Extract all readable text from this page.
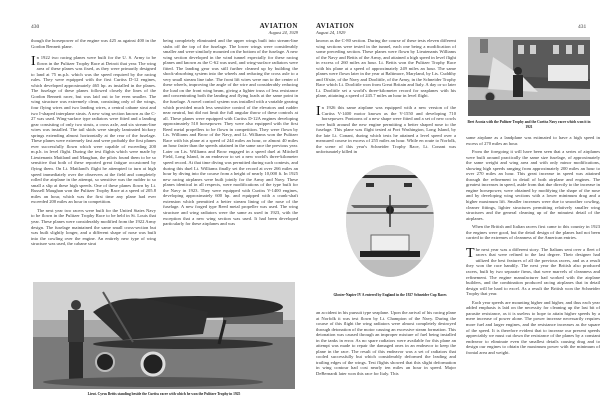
430	AVIATION
August 24, 1929

though the horsepower of the engine was 425 as against 400 in the Gordon Bennett plane.

In 1922 two racing planes were built for the U. S. Army to be flown in the Pulitzer Trophy Race at Detroit that year. The wing area of these planes was fixed, as they were primarily designed to land at 75 m.p.h. which was the speed required by the racing rules. They were equipped with the first Curtiss D-12 engines, which developed approximately 465 hp. as installed in the planes. The fuselage of these planes followed closely the lines of the Gordon Bennett racer, but was laid out to be even smaller. The wing structure was extremely clean, consisting only of the wings, four flying wires and two landing wires, a central cabane strut and two I-shaped interplane struts. A new wing section known as the C-27 was used. Wing-surface type radiators were fitted and a landing gear consisting of only two struts, a cross axle, and six stream-line wires was installed. The tail skids were simply laminated hickory springs extending almost horizontally at the rear of the fuselage. These planes were extremely fast and were probably the first planes ever successfully flown which were capable of exceeding 200 m.p.h. in level flight. During the test flights which were made by Lieutenants Maitland and Maughan, the pilots found them to be so sensitive that both of these reported great fatigue occasioned by flying them. On Lt. Maitland's flight he attempted to turn at high speed immediately over the observers at the field and completely rolled the airplane in the attempt, so sensitive was the rudder to so small a slip at these high speeds. One of these planes flown by Lt. Russell Maughan won the Pulitzer Trophy Race at a speed of 205.8 miles an hour, which was the first time any plane had ever exceeded 200 miles an hour in competition.

The next year two racers were built for the United States Navy to be flown in the Pulitzer Trophy Race to be held in St. Louis that year. These planes were considerably modified from the 1922 Army design. The fuselage maintained the same small cross-section but was built slightly longer, and a different shape of nose was built into the cowling over the engine. An entirely new type of wing structure was used, the cabane strut

being completely eliminated and the upper wings built into stream-line stubs off the top of the fuselage. The lower wings were considerably smaller and were similarly mounted on the bottom of the fuselage. A new wing section developed in the wind tunnel especially for these racing planes and known as the C-62 was used, and wing-surface radiators were fitted. The landing gear was still further cleaned up by building the shock-absorbing system into the wheels and reducing the cross axle to a very small stream line tube. The front lift wires were run to the center of these wheels, improving the angle of the wire and considerably reducing the load on the front wing beam, giving a lighter truss of less resistance and concentrating both the landing and flying loads at the same point in the fuselage. A novel control system was installed with a variable gearing which provided much less sensitive control of the elevators and rudder near neutral, but did not limit the full angular throw of these controls at all. These planes were equipped with Curtiss D-12A engines developing approximately 510 horsepower. They were also equipped with the first Reed metal propellers to be flown in competition. They were flown by Lts. Williams and Brow of the Navy, and Lt. Williams won the Pulitzer Race with his plane at a speed of 244 miles an hour, or almost 40 miles an hour faster than the speeds attained in the same race the previous year. Later on Lts. Williams and Brow engaged in a speed duel at Mitchell Field, Long Island, in an endeavor to set a new world's three-kilometer speed record. At that time diving was permitted during such contests, and during this duel Lt. Williams finally set the record at over 266 miles an hour by diving into the course from a height of nearly 10,000 ft. In 1925 new racing airplanes were built jointly for the Army and Navy. These planes identical in all respects, were modifications of the type built for the Navy in 1923. They were equipped with Curtiss V-1400 engines, developing approximately 600 hp. and equipped with a crank-shaft extension which permitted a better stream lining of the nose of the fuselage. A new forged type Reed metal propeller was used. The wing structure and wing radiators were the same as used in 1923, with the exception that a new wing section was used. It had been developed particularly for these airplanes and was

Lieut. Cyrus Bettis standing beside the Curtiss racer with which he won the Pulitzer Trophy in 1925
AVIATION
August 24, 1929
431

known as the C-80 section. During the course of these tests eleven different wing sections were tested in the tunnel, each one being a modification of some preceding section. These planes were flown by Lieutenants Williams of the Navy and Bettis of the Army, and attained a high speed in level flight in excess of 260 miles an hour. Lt. Bettis won the Pulitzer Trophy Race with his plane at a speed of approximately 249 miles an hour. The same planes were flown later in the year at Baltimore, Maryland, by Lts. Cuddihy and Ofstie, of the Navy and Doolittle, of the Army, in the Schneider Trophy Race which Lt. Doolittle won from Great Britain and Italy. A day or so later Lt. Doolittle set a world's three-kilometer record for seaplanes with his plane, attaining a speed of 245.7 miles an hour in level flight.

In 1926 this same airplane was equipped with a new version of the Curtiss V-1400 motor known as the V-1550 and developing 710 horsepower. Pontoons of a new shape were fitted and a set of new cowls were built around the new engine permitting a better shaped nose to the fuselage. This plane was flight tested at Port Washington, Long Island, by the late Lt. Conant, during which tests he attained a level speed over a measured course in excess of 255 miles an hour. While en route to Norfolk, the scene of this year's Schneider Trophy Race, Lt. Conant was unfortunately killed in

Gloster-Napier IV A entered by England in the 1927 Schneider Cup Races

an accident in his pursuit type seaplane. Upon the arrival of his racing plane at Norfolk it was test flown by Lt. Champion of the Navy. During the course of this flight the wing radiators were almost completely destroyed through detonation of the motor causing an excessive steam formation. This detonation was caused through an improper mixture of fuel being installed in the tanks in error. As no spare radiators were available for this plane an attempt was made to repair the damaged ones in an endeavor to keep the plane in the race. The result of this endeavor was a set of radiators that cooled successfully but which considerably deformed the leading and trailing edges of the wings. Test flights showed that this slight deformation in wing contour had cost nearly ten miles an hour in speed. Major DeBernardi later won this race for Italy. This

Bert Acosta with the Pulitzer Trophy and the Curtiss Navy racer which won it in 1921

same airplane as a landplane was estimated to have a high speed in excess of 270 miles an hour.

From the foregoing it will have been seen that a series of airplanes were built around practically the same size fuselage, of approximately the same weight and wing area and with only minor modifications, showing high speeds ranging from approximately 200 miles an hour to over 270 miles an hour. This great increase in speed was attained through the refinement in detail of both airplane and engines. The greatest increases in speed, aside from that due directly to the increase in engine horsepower, were obtained by modifying the shape of the nose and by developing wing sections with a lower minimum drag and a higher maximum lift. Smaller increases were due to smoother cowling, cleaner fittings, lighter structures permitting relatively smaller wing structures and the general cleaning up of the minutest detail of the airplanes.

When the British and Italian racers first came to this country in 1923 the engines were good, but the detail design of the planes had not been carried to the extremes of cleanness of the American entries.

The next year was a different story. The Italians sent over a fleet of racers that were refined to the last degree. Their designer had utilized the best features of all the previous racers, and as a result they won the race handily. The next year the British also produced racers, built by two separate firms, that were marvels of cleanness and refinement. The engine manufacturer had worked with the airplane builders, and the combination produced racing airplanes that in detail design will be hard to excel. As a result the British won the Schneider Trophy that year.

Each year speeds are mounting higher and higher, and thus each year added emphasis is laid on the necessity for cleaning up the last bit of parasite resistance, as it is useless to hope to attain higher speeds by a mere increase of power alone. The power increase necessarily requires more fuel and larger engines, and the resistance increases as the square of the speed. It is therefore evident that to increase our present speeds appreciably we must cut down the resistance of the planes by a constant endeavor to eliminate even the smallest details causing drag and to design our engines to obtain the maximum power with the minimum of frontal area and weight.
